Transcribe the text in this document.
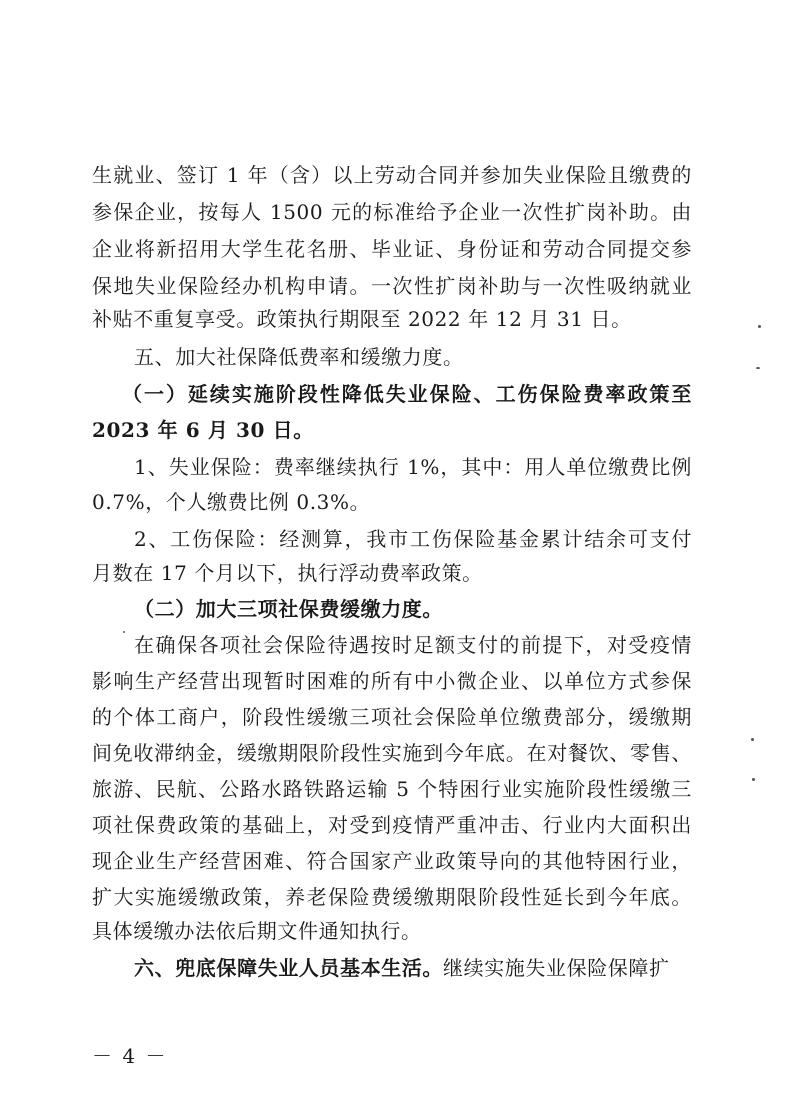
生就业、签订 1 年（含）以上劳动合同并参加失业保险且缴费的
参保企业，按每人 1500 元的标准给予企业一次性扩岗补助。由
企业将新招用大学生花名册、毕业证、身份证和劳动合同提交参
保地失业保险经办机构申请。一次性扩岗补助与一次性吸纳就业
补贴不重复享受。政策执行期限至 2022 年 12 月 31 日。
五、加大社保降低费率和缓缴力度。
（一）延续实施阶段性降低失业保险、工伤保险费率政策至
2023 年 6 月 30 日。
1、失业保险：费率继续执行 1%，其中：用人单位缴费比例
0.7%，个人缴费比例 0.3%。
2、工伤保险：经测算，我市工伤保险基金累计结余可支付
月数在 17 个月以下，执行浮动费率政策。
（二）加大三项社保费缓缴力度。
在确保各项社会保险待遇按时足额支付的前提下，对受疫情
影响生产经营出现暂时困难的所有中小微企业、以单位方式参保
的个体工商户，阶段性缓缴三项社会保险单位缴费部分，缓缴期
间免收滞纳金，缓缴期限阶段性实施到今年底。在对餐饮、零售、
旅游、民航、公路水路铁路运输 5 个特困行业实施阶段性缓缴三
项社保费政策的基础上，对受到疫情严重冲击、行业内大面积出
现企业生产经营困难、符合国家产业政策导向的其他特困行业，
扩大实施缓缴政策，养老保险费缓缴期限阶段性延长到今年底。
具体缓缴办法依后期文件通知执行。
六、兜底保障失业人员基本生活。继续实施失业保险保障扩
－ 4 －
